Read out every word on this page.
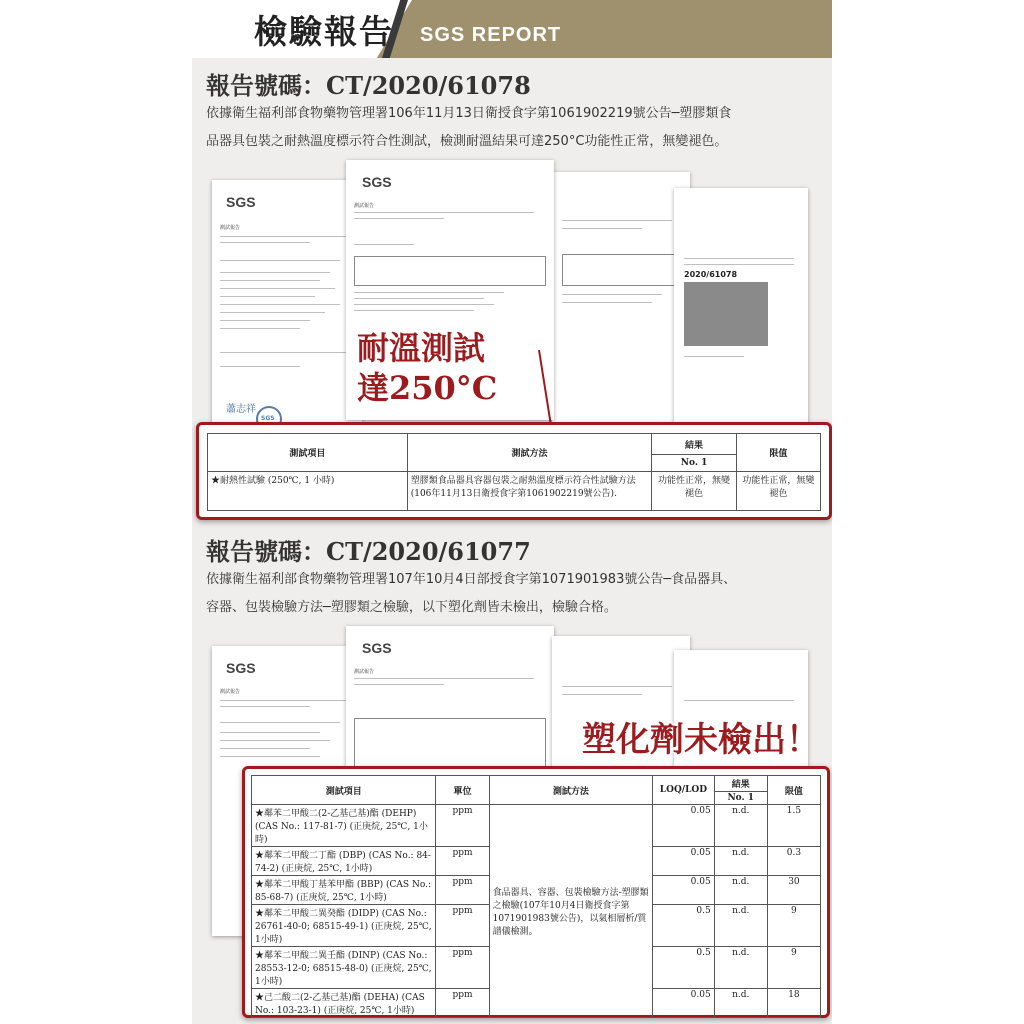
檢驗報告 SGS REPORT
報告號碼：CT/2020/61078
依據衛生福利部食物藥物管理署106年11月13日衛授食字第1061902219號公告─塑膠類食
品器具包裝之耐熱溫度標示符合性測試，檢測耐溫結果可達250°C功能性正常，無變褪色。
SGS
測試報告
蕭志祥
SGS
2020/61078
SGS
測試報告
耐溫測試
達250°C
測試項目	測試方法	結果	限值
		No. 1	
★耐熱性試驗 (250℃, 1 小時)	塑膠類食品器具容器包裝之耐熱溫度標示符合性試驗方法(106年11月13日衛授食字第1061902219號公告).	功能性正常，無變褪色	功能性正常，無變褪色
報告號碼：CT/2020/61077
依據衛生福利部食物藥物管理署107年10月4日部授食字第1071901983號公告─食品器具、
容器、包裝檢驗方法─塑膠類之檢驗，以下塑化劑皆未檢出，檢驗合格。
SGS
測試報告
SGS
測試報告
塑化劑未檢出！
測試項目	單位	測試方法	LOQ/LOD	結果	限值
				No. 1	
★鄰苯二甲酸二(2-乙基己基)酯 (DEHP) (CAS No.: 117-81-7) (正庚烷, 25℃, 1小時)	ppm	食品器具、容器、包裝檢驗方法-塑膠類之檢驗(107年10月4日衛授食字第1071901983號公告)，以氣相層析/質譜儀檢測。	0.05	n.d.	1.5
★鄰苯二甲酸二丁酯 (DBP) (CAS No.: 84-74-2) (正庚烷, 25℃, 1小時)	ppm		0.05	n.d.	0.3
★鄰苯二甲酸丁基苯甲酯 (BBP) (CAS No.: 85-68-7) (正庚烷, 25℃, 1小時)	ppm		0.05	n.d.	30
★鄰苯二甲酸二異癸酯 (DIDP) (CAS No.: 26761-40-0; 68515-49-1) (正庚烷, 25℃, 1小時)	ppm		0.5	n.d.	9
★鄰苯二甲酸二異壬酯 (DINP) (CAS No.: 28553-12-0; 68515-48-0) (正庚烷, 25℃, 1小時)	ppm		0.5	n.d.	9
★己二酸二(2-乙基己基)酯 (DEHA) (CAS No.: 103-23-1) (正庚烷, 25℃, 1小時)	ppm		0.05	n.d.	18
